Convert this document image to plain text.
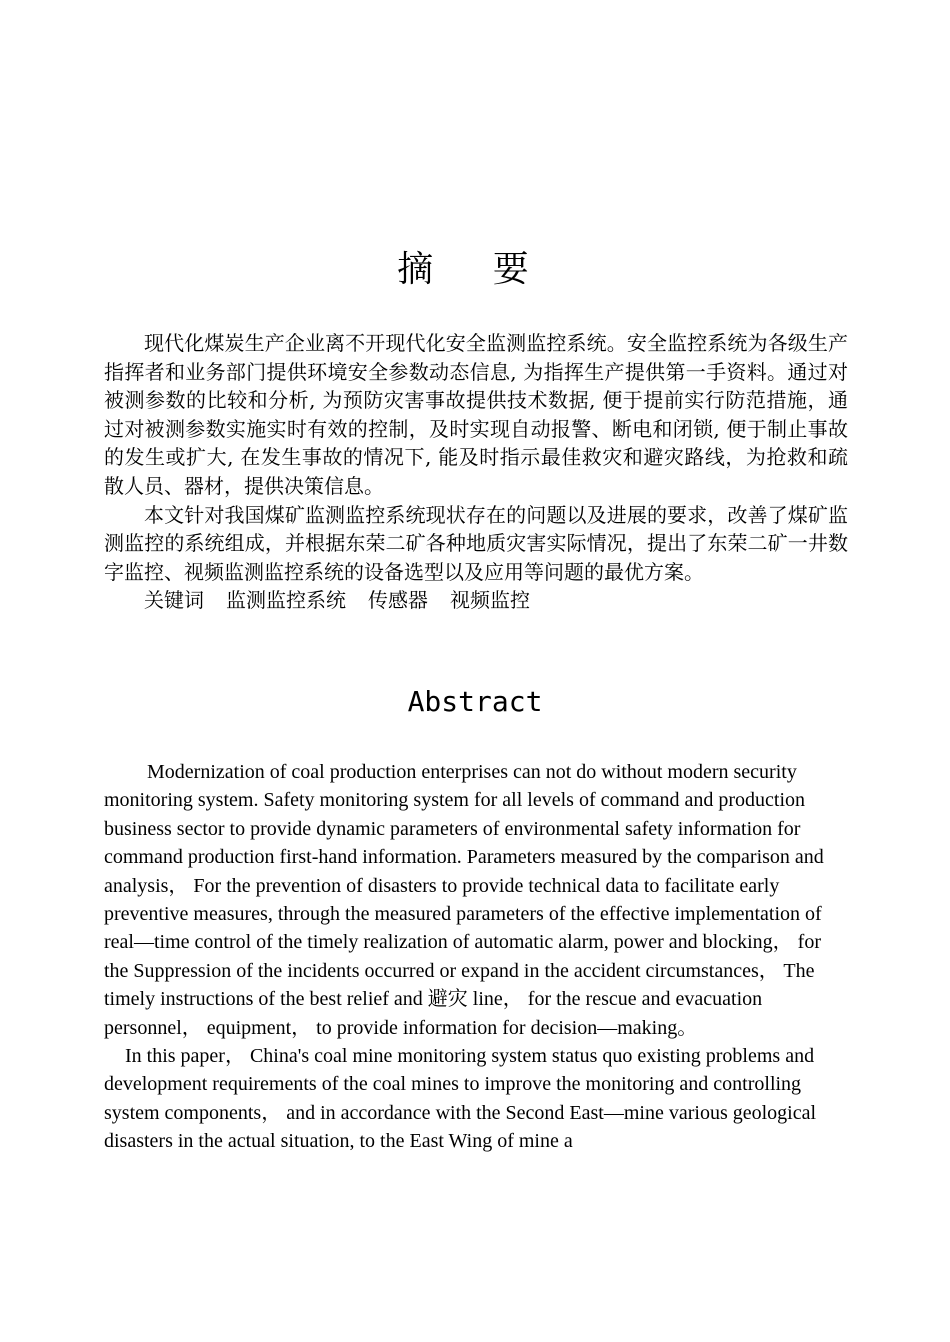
摘 要

现代化煤炭生产企业离不开现代化安全监测监控系统。安全监控系统为各级生产指挥者和业务部门提供环境安全参数动态信息, 为指挥生产提供第一手资料。通过对被测参数的比较和分析, 为预防灾害事故提供技术数据, 便于提前实行防范措施，通过对被测参数实施实时有效的控制，及时实现自动报警、断电和闭锁, 便于制止事故的发生或扩大, 在发生事故的情况下, 能及时指示最佳救灾和避灾路线，为抢救和疏散人员、器材，提供决策信息。

本文针对我国煤矿监测监控系统现状存在的问题以及进展的要求，改善了煤矿监测监控的系统组成，并根据东荣二矿各种地质灾害实际情况，提出了东荣二矿一井数字监控、视频监测监控系统的设备选型以及应用等问题的最优方案。

关键词 监测监控系统 传感器 视频监控

Abstract

Modernization of coal production enterprises can not do without modern security monitoring system. Safety monitoring system for all levels of command and production business sector to provide dynamic parameters of environmental safety information for command production first-hand information. Parameters measured by the comparison and analysis， For the prevention of disasters to provide technical data to facilitate early preventive measures, through the measured parameters of the effective implementation of real—time control of the timely realization of automatic alarm, power and blocking， for the Suppression of the incidents occurred or expand in the accident circumstances， The timely instructions of the best relief and 避灾 line， for the rescue and evacuation personnel， equipment， to provide information for decision—making。

In this paper， China's coal mine monitoring system status quo existing problems and development requirements of the coal mines to improve the monitoring and controlling system components， and in accordance with the Second East—mine various geological disasters in the actual situation, to the East Wing of mine a
